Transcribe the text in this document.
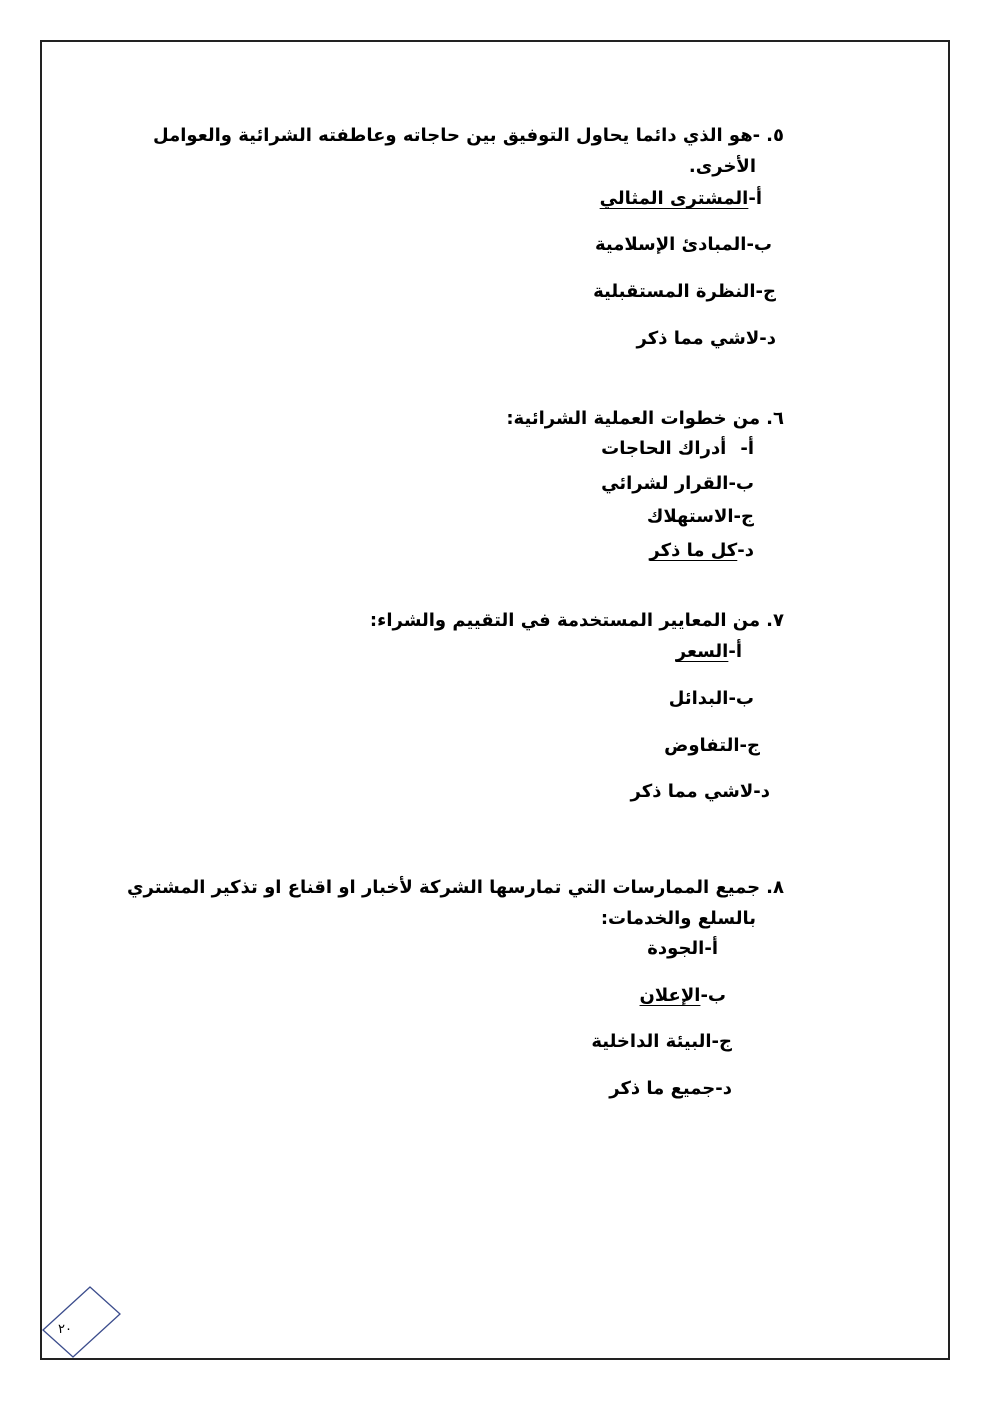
٥.-هو الذي دائما يحاول التوفيق بين حاجاته وعاطفته الشرائية والعوامل
الأخرى.
أ-المشترى المثالي
ب-المبادئ الإسلامية
ج-النظرة المستقبلية
د-لاشي مما ذكر
٦.من خطوات العملية الشرائية:
أ-أدراك الحاجات
ب-القرار لشرائي
ج-الاستهلاك
د-كل ما ذكر
٧.من المعايير المستخدمة في التقييم والشراء:
أ-السعر
ب-البدائل
ج-التفاوض
د-لاشي مما ذكر
٨.جميع الممارسات التي تمارسها الشركة لأخبار او اقناع او تذكير المشتري
بالسلع والخدمات:
أ-الجودة
ب-الإعلان
ج-البيئة الداخلية
د-جميع ما ذكر
٢٠
